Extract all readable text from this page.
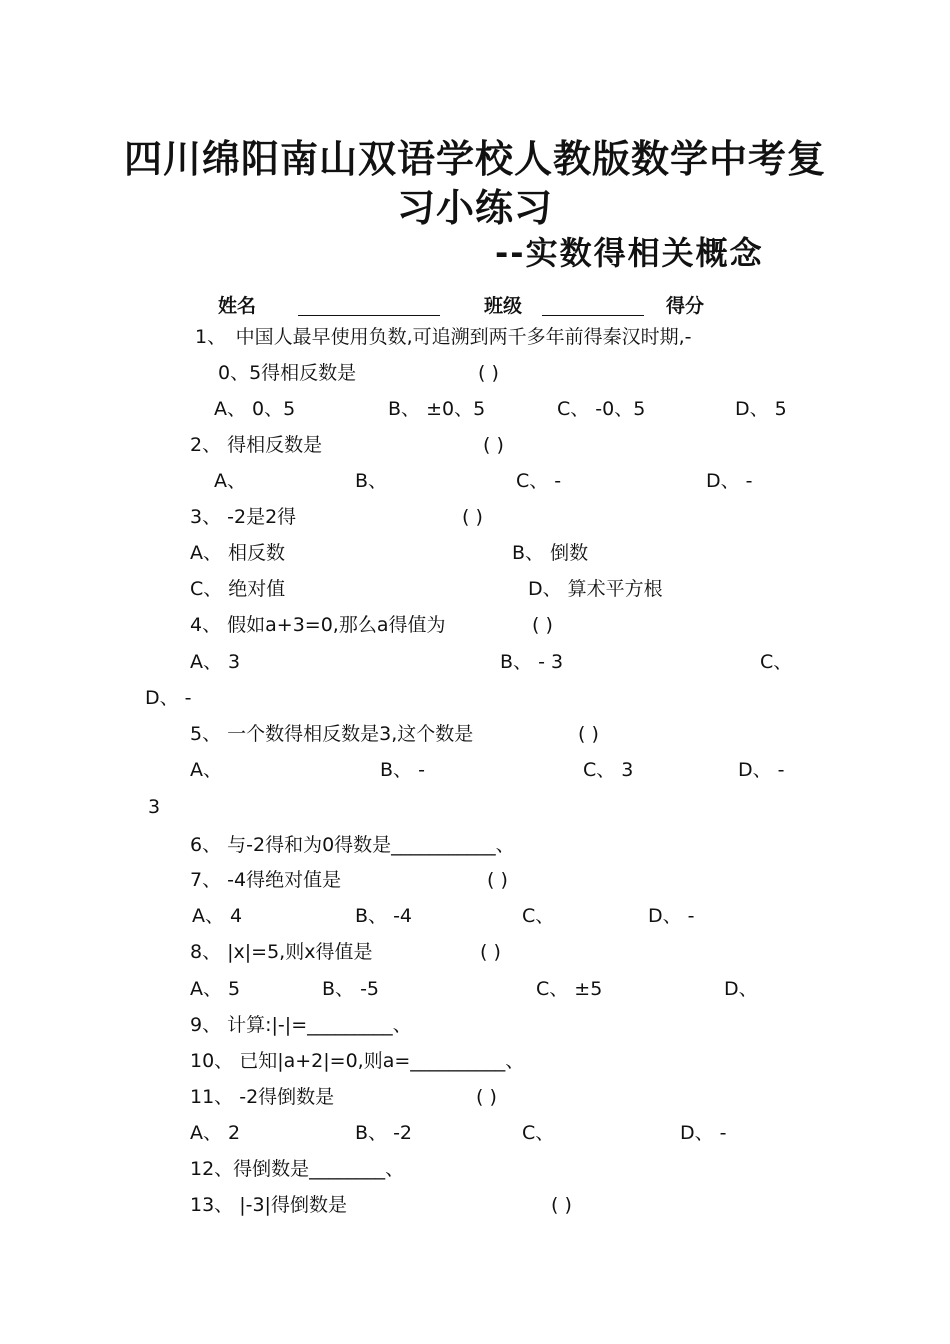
四川绵阳南山双语学校人教版数学中考复
习小练习
--实数得相关概念
姓名	班级	得分
1、　中国人最早使用负数,可追溯到两千多年前得秦汉时期,-
0、5得相反数是	( )
A、 0、5	B、 ±0、5	C、 -0、5	D、 5
2、 得相反数是	( )
A、	B、	C、 -	D、 -
3、 -2是2得	( )
A、 相反数	B、 倒数
C、 绝对值	D、 算术平方根
4、 假如a+3=0,那么a得值为	( )
A、 3	B、 - 3	C、
D、 -
5、 一个数得相反数是3,这个数是	( )
A、	B、 -	C、 3	D、 -
3
6、 与-2得和为0得数是___________、
7、 -4得绝对值是	( )
A、 4	B、 -4	C、	D、 -
8、 |x|=5,则x得值是	( )
A、 5	B、 -5	C、 ±5	D、
9、 计算:|-|=_________、
10、 已知|a+2|=0,则a=__________、
11、 -2得倒数是	( )
A、 2	B、 -2	C、	D、 -
12、得倒数是________、
13、 |-3|得倒数是	( )
